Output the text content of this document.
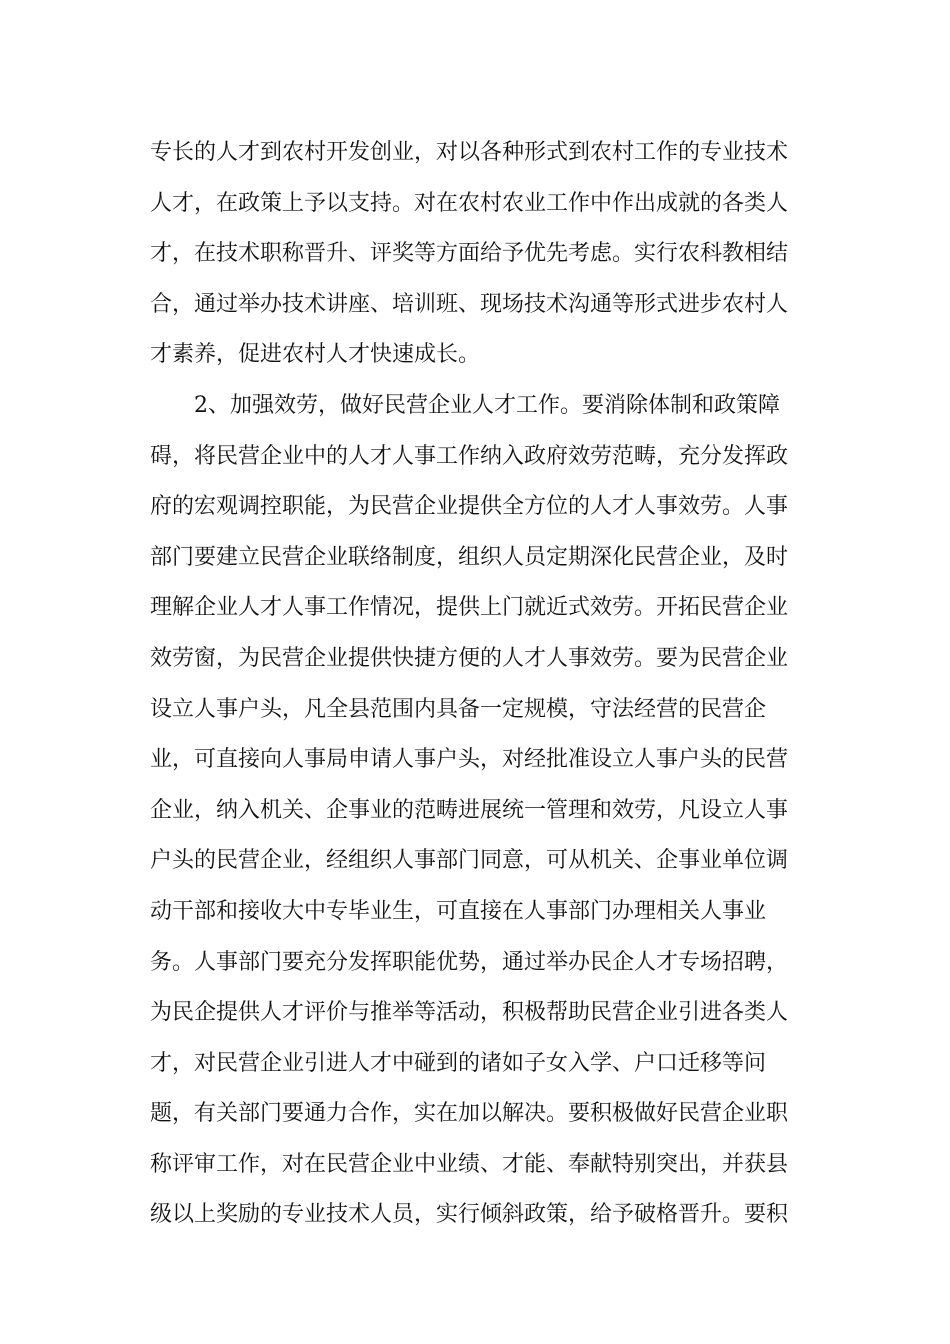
专长的人才到农村开发创业，对以各种形式到农村工作的专业技术
人才，在政策上予以支持。对在农村农业工作中作出成就的各类人
才，在技术职称晋升、评奖等方面给予优先考虑。实行农科教相结
合，通过举办技术讲座、培训班、现场技术沟通等形式进步农村人
才素养，促进农村人才快速成长。
　　2、加强效劳，做好民营企业人才工作。要消除体制和政策障
碍，将民营企业中的人才人事工作纳入政府效劳范畴，充分发挥政
府的宏观调控职能，为民营企业提供全方位的人才人事效劳。人事
部门要建立民营企业联络制度，组织人员定期深化民营企业，及时
理解企业人才人事工作情况，提供上门就近式效劳。开拓民营企业
效劳窗，为民营企业提供快捷方便的人才人事效劳。要为民营企业
设立人事户头，凡全县范围内具备一定规模，守法经营的民营企
业，可直接向人事局申请人事户头，对经批准设立人事户头的民营
企业，纳入机关、企事业的范畴进展统一管理和效劳，凡设立人事
户头的民营企业，经组织人事部门同意，可从机关、企事业单位调
动干部和接收大中专毕业生，可直接在人事部门办理相关人事业
务。人事部门要充分发挥职能优势，通过举办民企人才专场招聘，
为民企提供人才评价与推举等活动，积极帮助民营企业引进各类人
才，对民营企业引进人才中碰到的诸如子女入学、户口迁移等问
题，有关部门要通力合作，实在加以解决。要积极做好民营企业职
称评审工作，对在民营企业中业绩、才能、奉献特别突出，并获县
级以上奖励的专业技术人员，实行倾斜政策，给予破格晋升。要积
